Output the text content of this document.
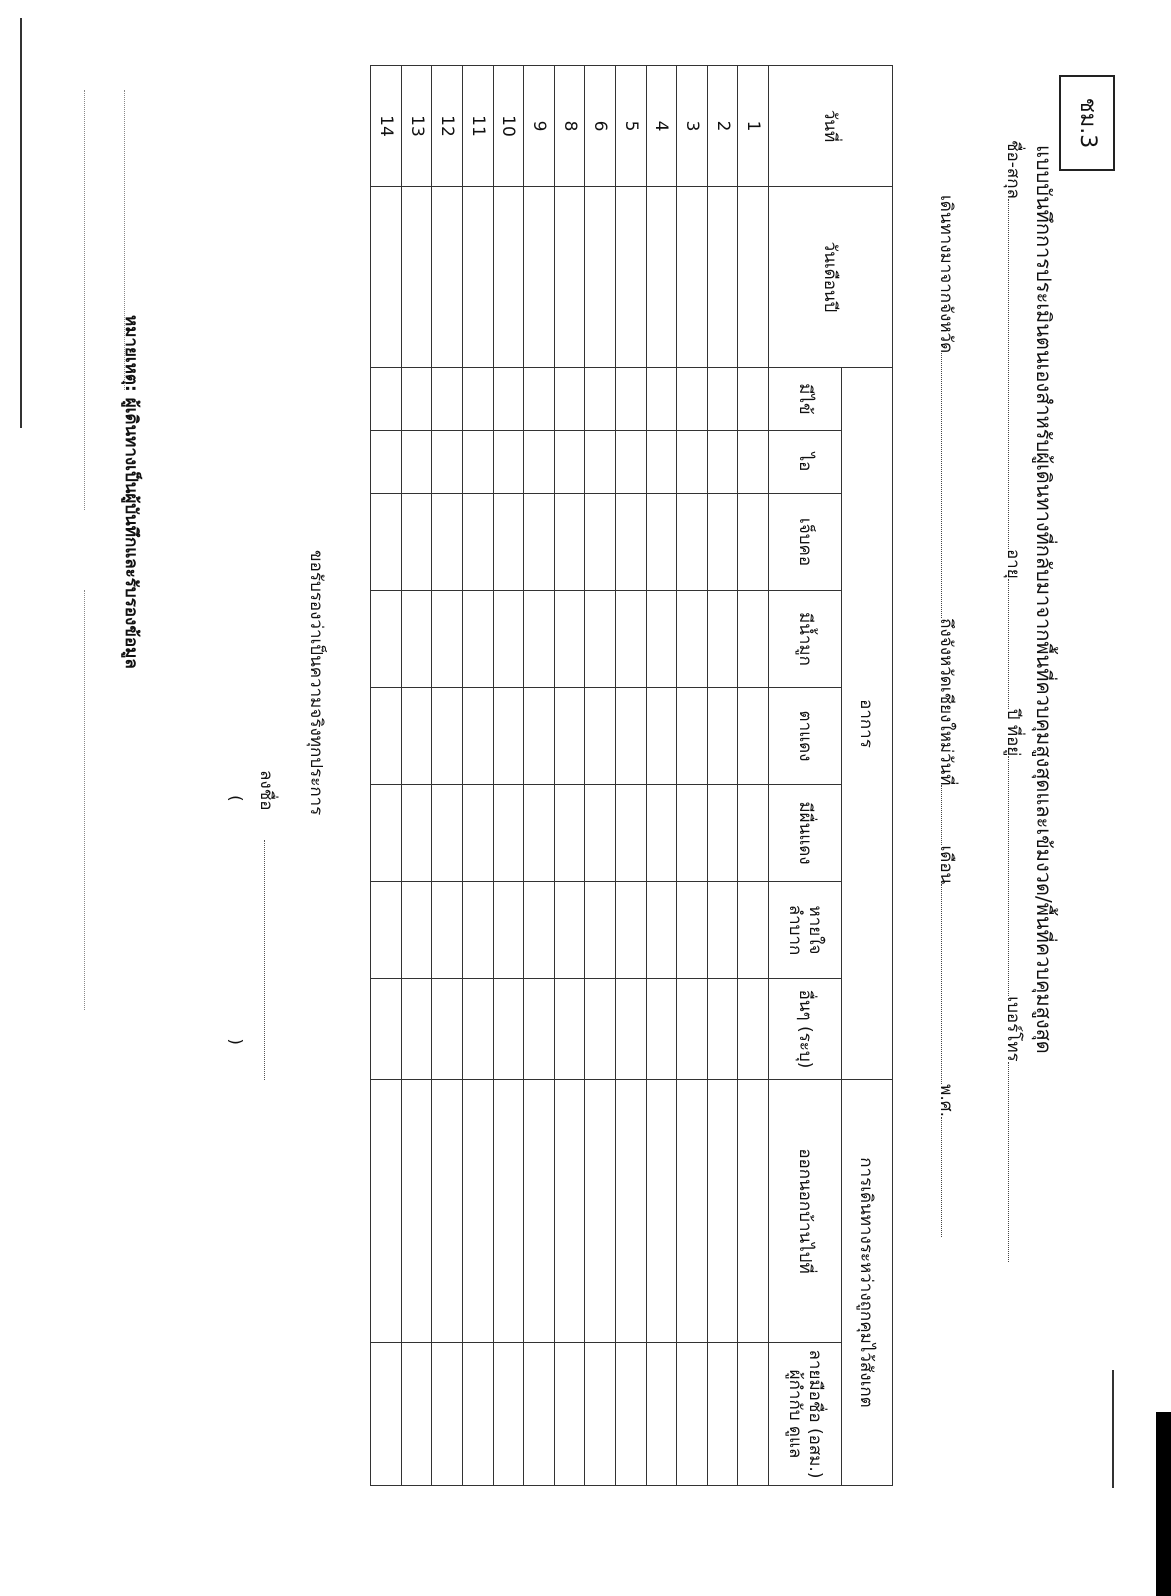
ชม.3
แบบบันทึกการประเมินตนเองสำหรับผู้เดินทางที่กลับมาจากพื้นที่ควบคุมสูงสุดและเข้มงวด/พื้นที่ควบคุมสูงสุด
ชื่อ-สกุลอายุปี ที่อยู่เบอร์โทร
เดินทางมาจากจังหวัดถึงจังหวัดเชียงใหม่วันที่เดือนพ.ศ.
วันที่	วันเดือนปี	อาการ								การเดินทางระหว่างถูกคุมไว้สังเกต	
		มีไข้	ไอ	เจ็บคอ	มีน้ำมูก	ตาแดง	มีผื่นแดง	หายใจลำบาก	อื่นๆ (ระบุ)	ออกนอกบ้านไปที่	ลายมือชื่อ (อสม.) ผู้กำกับ ดูแล
1											
2											
3											
4											
5											
6											
8											
9											
10											
11											
12											
13											
14											
ขอรับรองว่าเป็นความจริงทุกประการ
ลงชื่อ
(
)
หมายเหตุ: ผู้เดินทางเป็นผู้บันทึกและรับรองข้อมูล
